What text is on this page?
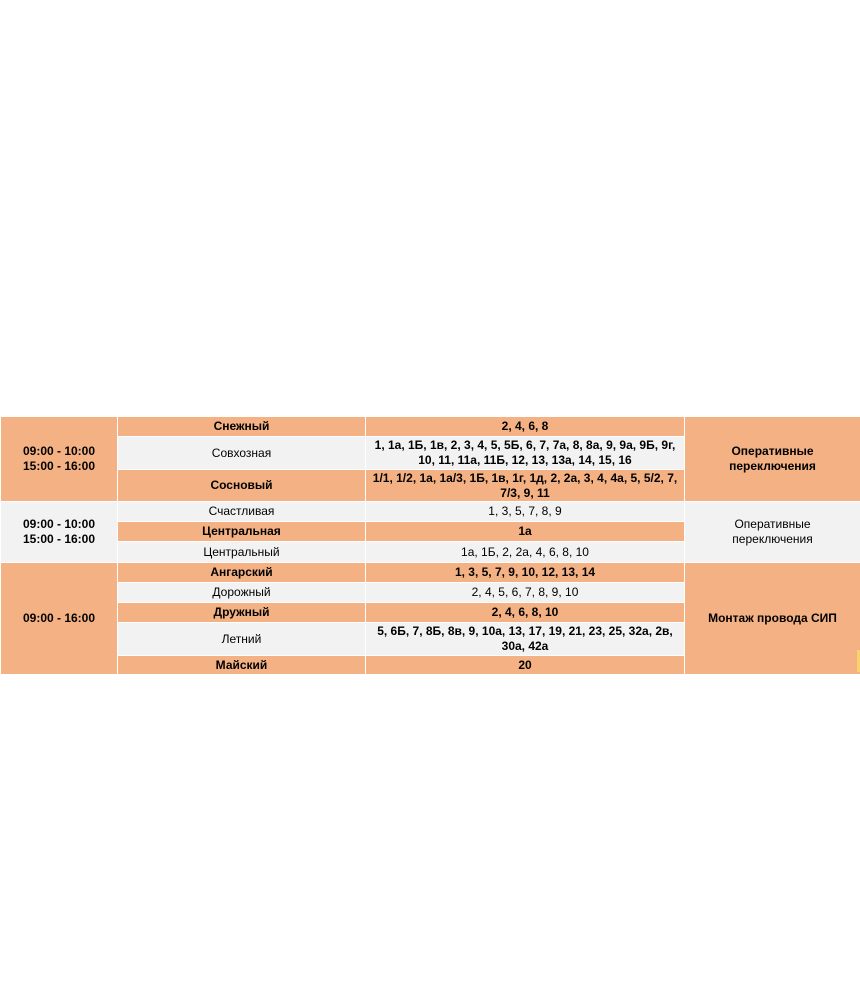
09:00 - 10:00
15:00 - 16:00	Снежный	2, 4, 6, 8	Оперативные
переключения

	Совхозная	1, 1а, 1Б, 1в, 2, 3, 4, 5, 5Б, 6, 7, 7а, 8, 8а, 9, 9а, 9Б, 9г, 10, 11, 11а, 11Б, 12, 13, 13а, 14, 15, 16	
	Сосновый	1/1, 1/2, 1а, 1а/3, 1Б, 1в, 1г, 1д, 2, 2а, 3, 4, 4а, 5, 5/2, 7, 7/3, 9, 11	

09:00 - 10:00
15:00 - 16:00	Счастливая	1, 3, 5, 7, 8, 9	Оперативные
переключения

	Центральная	1а	
	Центральный	1а, 1Б, 2, 2а, 4, 6, 8, 10	

09:00 - 16:00	Ангарский	1, 3, 5, 7, 9, 10, 12, 13, 14	Монтаж провода СИП

	Дорожный	2, 4, 5, 6, 7, 8, 9, 10	
	Дружный	2, 4, 6, 8, 10	
	Летний	5, 6Б, 7, 8Б, 8в, 9, 10а, 13, 17, 19, 21, 23, 25, 32а, 2в, 30а, 42а	
	Майский	20	
